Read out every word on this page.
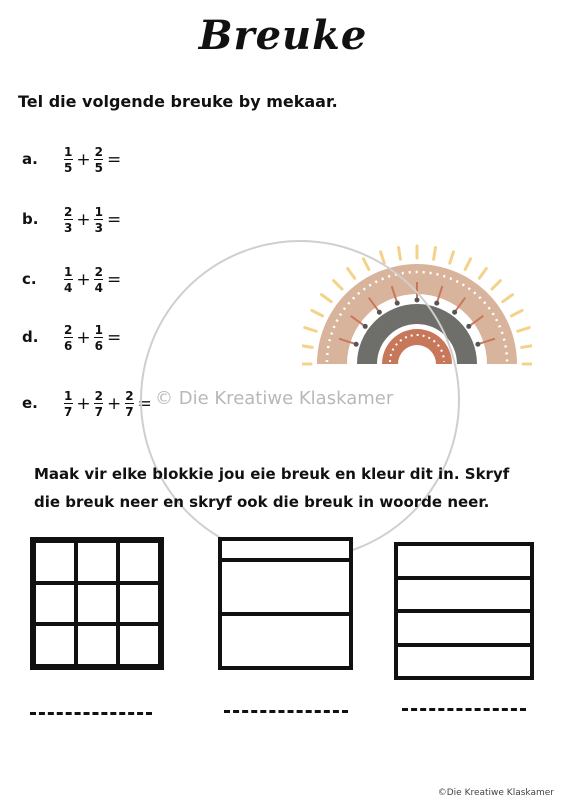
Breuke
Tel die volgende breuke by mekaar.
a. $\frac{1}{5} + \frac{2}{5}$ =
b. $\frac{2}{3} + \frac{1}{3}$ =
c. $\frac{1}{4} + \frac{2}{4}$ =
d. $\frac{2}{6} + \frac{1}{6}$ =
e. $\frac{1}{7} + \frac{2}{7} + \frac{2}{7}$ = © Die Kreatiwe Klaskamer
Maak vir elke blokkie jou eie breuk en kleur dit in. Skryf die breuk neer en skryf ook die breuk in woorde neer.
©Die Kreatiwe Klaskamer
